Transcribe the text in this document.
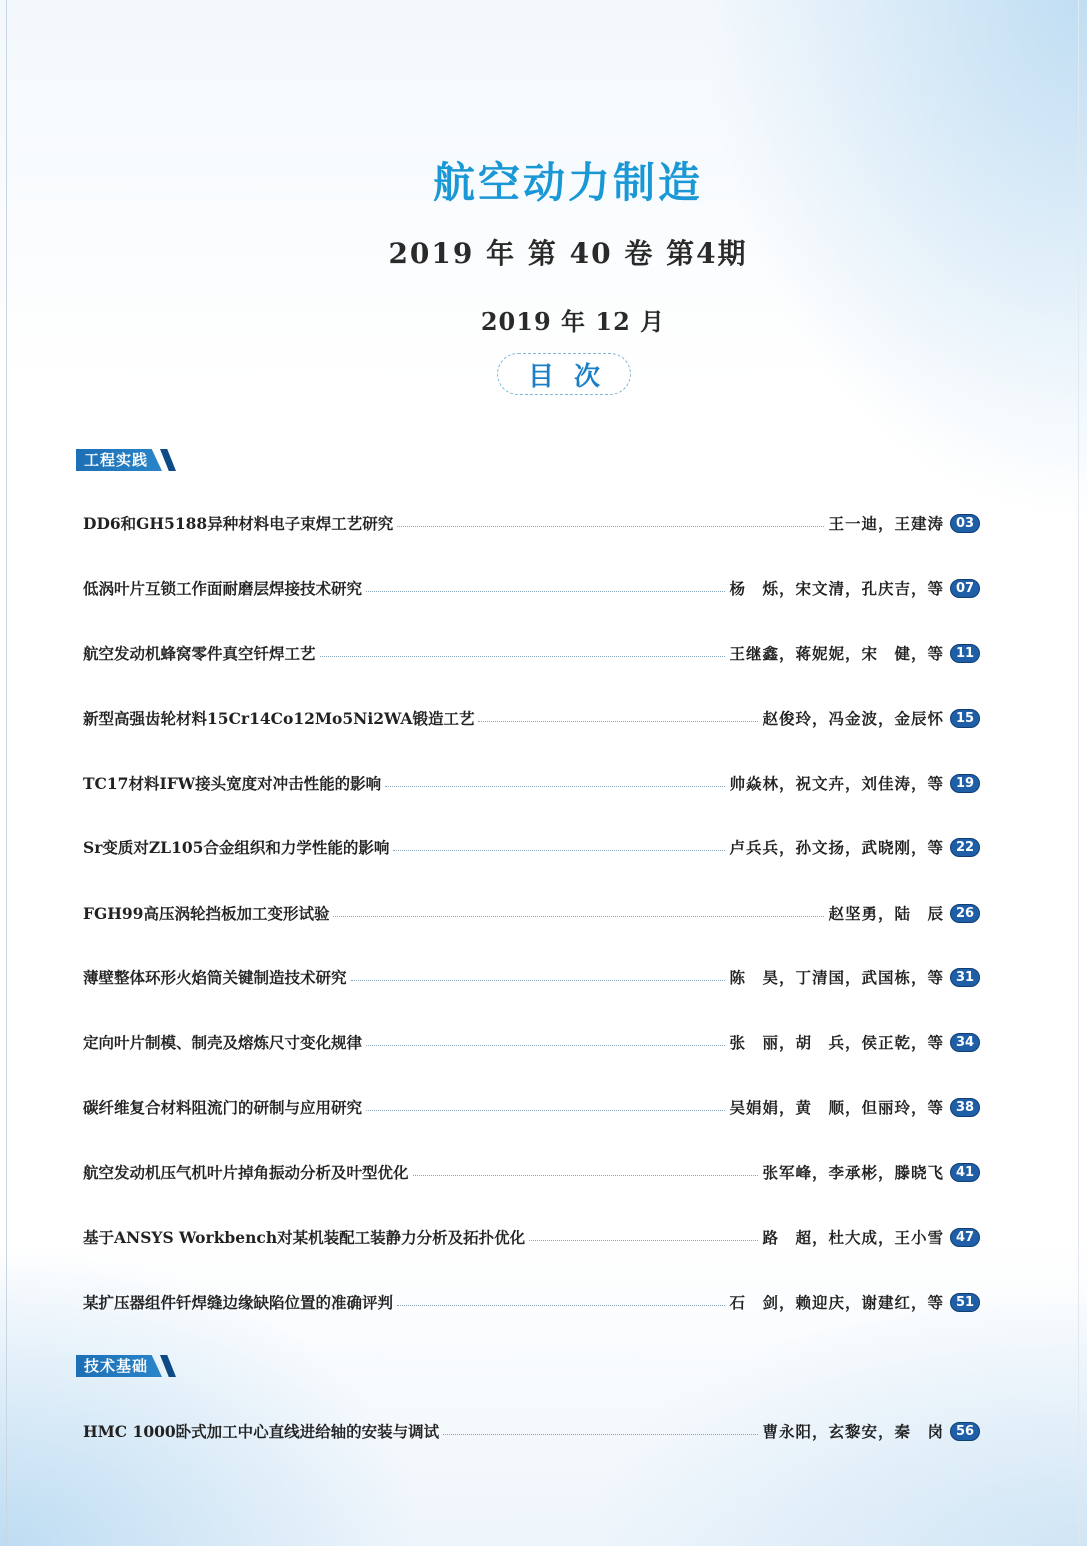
航空动力制造
2019 年 第 40 卷 第4期
2019 年 12 月
目次
工程实践
DD6和GH5188异种材料电子束焊工艺研究	王一迪，王建涛 03
低涡叶片互锁工作面耐磨层焊接技术研究	杨　烁，宋文清，孔庆吉，等 07
航空发动机蜂窝零件真空钎焊工艺	王继鑫，蒋妮妮，宋　健，等 11
新型高强齿轮材料15Cr14Co12Mo5Ni2WA锻造工艺	赵俊玲，冯金波，金辰怀 15
TC17材料IFW接头宽度对冲击性能的影响	帅焱林，祝文卉，刘佳涛，等 19
Sr变质对ZL105合金组织和力学性能的影响	卢兵兵，孙文扬，武晓刚，等 22
FGH99高压涡轮挡板加工变形试验	赵坚勇，陆　辰 26
薄壁整体环形火焰筒关键制造技术研究	陈　昊，丁清国，武国栋，等 31
定向叶片制模、制壳及熔炼尺寸变化规律	张　丽，胡　兵，侯正乾，等 34
碳纤维复合材料阻流门的研制与应用研究	吴娟娟，黄　顺，但丽玲，等 38
航空发动机压气机叶片掉角振动分析及叶型优化	张军峰，李承彬，滕晓飞 41
基于ANSYS Workbench对某机装配工装静力分析及拓扑优化	路　超，杜大成，王小雪 47
某扩压器组件钎焊缝边缘缺陷位置的准确评判	石　剑，赖迎庆，谢建红，等 51
技术基础
HMC 1000卧式加工中心直线进给轴的安装与调试	曹永阳，玄黎安，秦　岗 56
